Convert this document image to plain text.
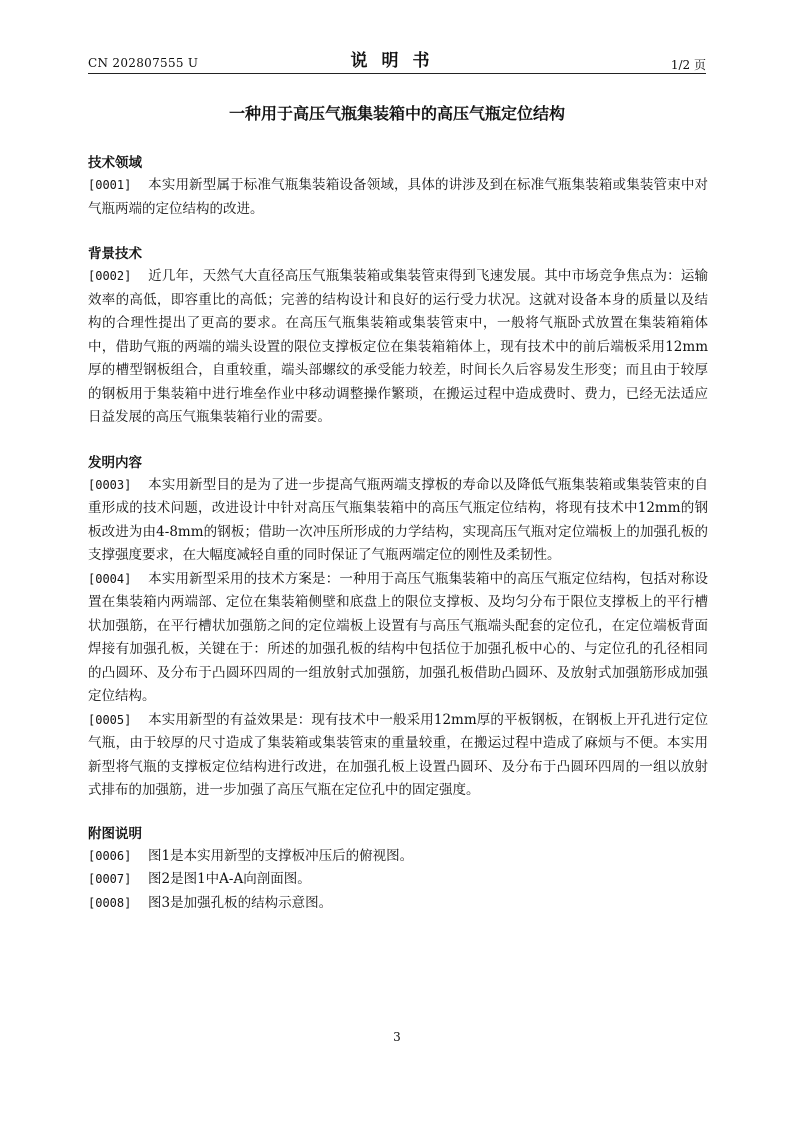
CN 202807555 U	说明书	1/2 页
一种用于高压气瓶集装箱中的高压气瓶定位结构
技术领域

[0001] 本实用新型属于标准气瓶集装箱设备领域，具体的讲涉及到在标准气瓶集装箱或集装管束中对气瓶两端的定位结构的改进。

背景技术

[0002] 近几年，天然气大直径高压气瓶集装箱或集装管束得到飞速发展。其中市场竞争焦点为：运输效率的高低，即容重比的高低；完善的结构设计和良好的运行受力状况。这就对设备本身的质量以及结构的合理性提出了更高的要求。在高压气瓶集装箱或集装管束中，一般将气瓶卧式放置在集装箱箱体中，借助气瓶的两端的端头设置的限位支撑板定位在集装箱箱体上，现有技术中的前后端板采用12mm厚的槽型钢板组合，自重较重，端头部螺纹的承受能力较差，时间长久后容易发生形变；而且由于较厚的钢板用于集装箱中进行堆垒作业中移动调整操作繁琐，在搬运过程中造成费时、费力，已经无法适应日益发展的高压气瓶集装箱行业的需要。

发明内容

[0003] 本实用新型目的是为了进一步提高气瓶两端支撑板的寿命以及降低气瓶集装箱或集装管束的自重形成的技术问题，改进设计中针对高压气瓶集装箱中的高压气瓶定位结构，将现有技术中12mm的钢板改进为由4-8mm的钢板；借助一次冲压所形成的力学结构，实现高压气瓶对定位端板上的加强孔板的支撑强度要求，在大幅度减轻自重的同时保证了气瓶两端定位的刚性及柔韧性。

[0004] 本实用新型采用的技术方案是：一种用于高压气瓶集装箱中的高压气瓶定位结构，包括对称设置在集装箱内两端部、定位在集装箱侧壁和底盘上的限位支撑板、及均匀分布于限位支撑板上的平行槽状加强筋，在平行槽状加强筋之间的定位端板上设置有与高压气瓶端头配套的定位孔，在定位端板背面焊接有加强孔板，关键在于：所述的加强孔板的结构中包括位于加强孔板中心的、与定位孔的孔径相同的凸圆环、及分布于凸圆环四周的一组放射式加强筋，加强孔板借助凸圆环、及放射式加强筋形成加强定位结构。

[0005] 本实用新型的有益效果是：现有技术中一般采用12mm厚的平板钢板，在钢板上开孔进行定位气瓶，由于较厚的尺寸造成了集装箱或集装管束的重量较重，在搬运过程中造成了麻烦与不便。本实用新型将气瓶的支撑板定位结构进行改进，在加强孔板上设置凸圆环、及分布于凸圆环四周的一组以放射式排布的加强筋，进一步加强了高压气瓶在定位孔中的固定强度。

附图说明

[0006] 图1是本实用新型的支撑板冲压后的俯视图。

[0007] 图2是图1中A-A向剖面图。

[0008] 图3是加强孔板的结构示意图。

3
